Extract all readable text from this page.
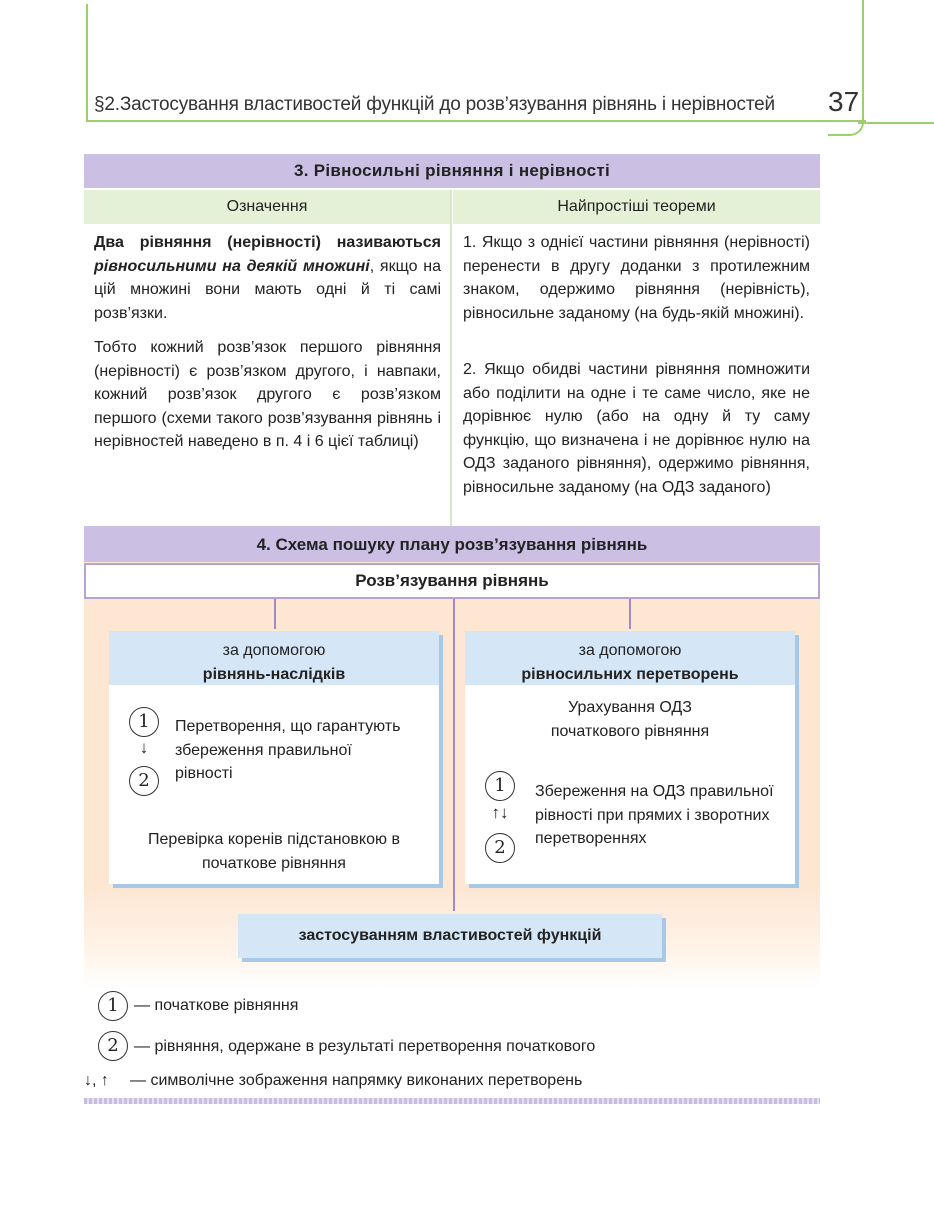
§2.Застосування властивостей функцій до розв’язування рівнянь і нерівностей 37
3. Рівносильні рівняння і нерівності
Означення	Найпростіші теореми
Два рівняння (нерівності) називаються рівносильними на деякій множині, якщо на цій множині вони мають одні й ті самі розв’язки.
Тобто кожний розв’язок першого рівняння (нерівності) є розв’язком другого, і навпаки, кожний розв’язок другого є розв’язком першого (схеми такого розв’язування рівнянь і нерівностей наведено в п. 4 і 6 цієї таблиці)
1. Якщо з однієї частини рівняння (нерівності) перенести в другу доданки з протилежним знаком, одержимо рівняння (нерівність), рівносильне заданому (на будь-якій множині).
2. Якщо обидві частини рівняння помножити або поділити на одне і те саме число, яке не дорівнює нулю (або на одну й ту саму функцію, що визначена і не дорівнює нулю на ОДЗ заданого рівняння), одержимо рівняння, рівносильне заданому (на ОДЗ заданого)
4. Схема пошуку плану розв’язування рівнянь
Розв’язування рівнянь
за допомогою
рівнянь-наслідків
1
↓
2
Перетворення, що гарантують збереження правильної рівності
Перевірка коренів підстановкою в початкове рівняння
за допомогою
рівносильних перетворень
Урахування ОДЗ початкового рівняння
1
↑↓
2
Збереження на ОДЗ правильної рівності при прямих і зворотних перетвореннях
застосуванням властивостей функцій
1 — початкове рівняння
2 — рівняння, одержане в результаті перетворення початкового
↓, ↑ — символічне зображення напрямку виконаних перетворень
